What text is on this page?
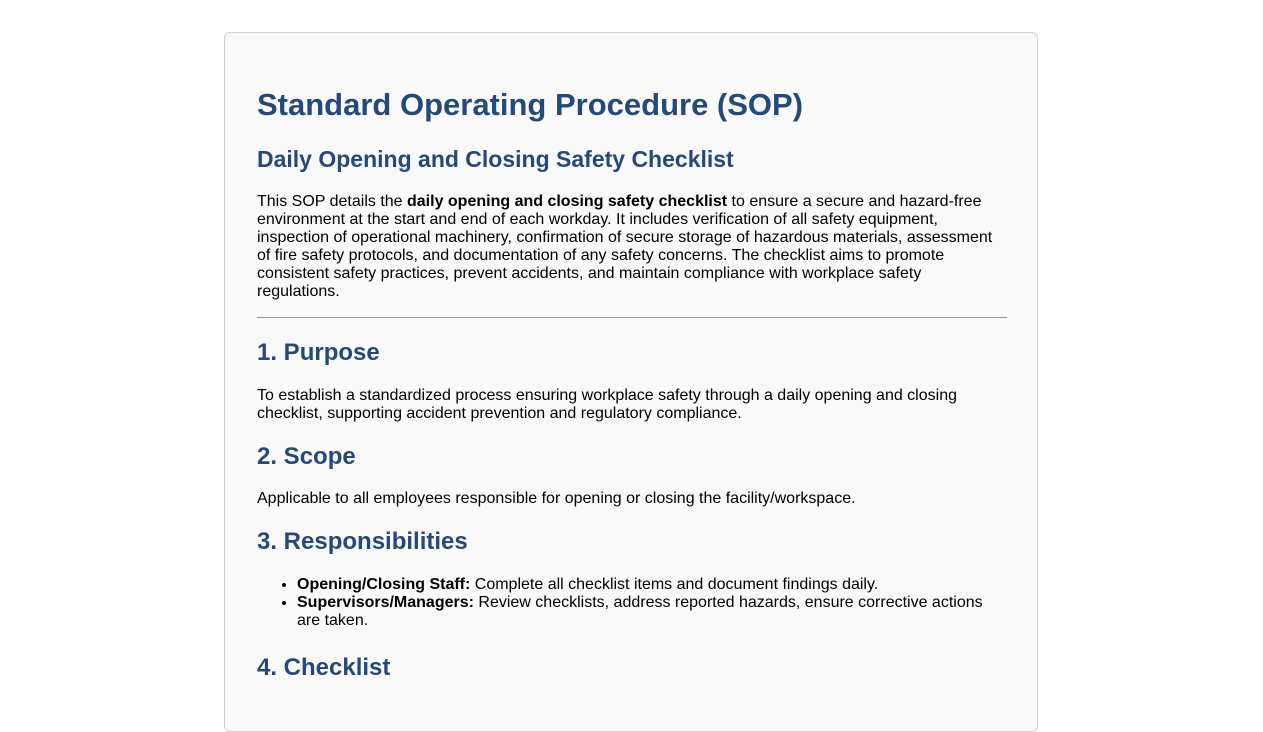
Standard Operating Procedure (SOP)
Daily Opening and Closing Safety Checklist

This SOP details the daily opening and closing safety checklist to ensure a secure and hazard-free environment at the start and end of each workday. It includes verification of all safety equipment, inspection of operational machinery, confirmation of secure storage of hazardous materials, assessment of fire safety protocols, and documentation of any safety concerns. The checklist aims to promote consistent safety practices, prevent accidents, and maintain compliance with workplace safety regulations.

1. Purpose

To establish a standardized process ensuring workplace safety through a daily opening and closing checklist, supporting accident prevention and regulatory compliance.

2. Scope

Applicable to all employees responsible for opening or closing the facility/workspace.

3. Responsibilities
• Opening/Closing Staff: Complete all checklist items and document findings daily.
• Supervisors/Managers: Review checklists, address reported hazards, ensure corrective actions are taken.
4. Checklist
